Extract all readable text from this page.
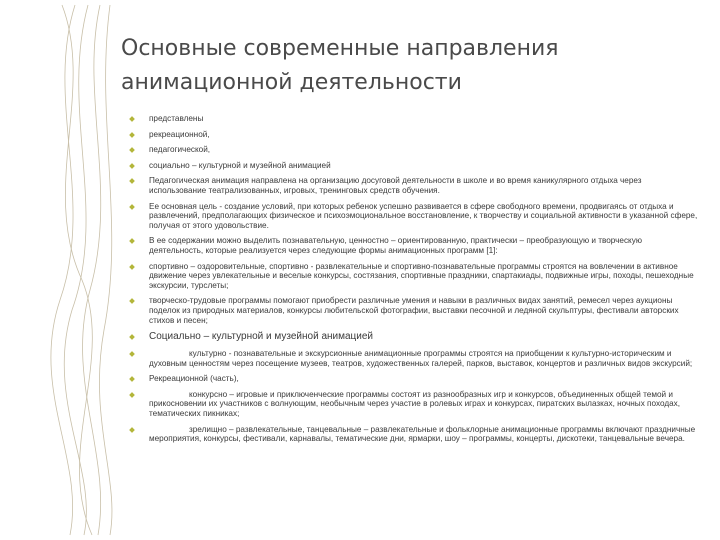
Основные современные направления
анимационной деятельности
представлены
рекреационной,
педагогической,
социально – культурной и музейной анимацией
Педагогическая анимация направлена на организацию досуговой деятельности в школе и во время каникулярного отдыха через использование театрализованных, игровых, тренинговых средств обучения.
Ее основная цель - создание условий, при которых ребенок успешно развивается в сфере свободного времени, продвигаясь от отдыха и развлечений, предполагающих физическое и психоэмоциональное восстановление, к творчеству и социальной активности в указанной сфере, получая от этого удовольствие.
В ее содержании можно выделить познавательную, ценностно – ориентированную, практически – преобразующую и творческую деятельность, которые реализуется через следующие формы анимационных программ [1]:
спортивно – оздоровительные, спортивно - развлекательные и спортивно-познавательные программы строятся на вовлечении в активное движение через увлекательные и веселые конкурсы, состязания, спортивные праздники, спартакиады, подвижные игры, походы, пешеходные экскурсии, турслеты;
творческо-трудовые программы помогают приобрести различные умения и навыки в различных видах занятий, ремесел через аукционы поделок из природных материалов, конкурсы любительской фотографии, выставки песочной и ледяной скульптуры, фестивали авторских стихов и песен;
Социально – культурной и музейной анимацией
культурно - познавательные и экскурсионные анимационные программы строятся на приобщении к культурно-историческим и духовным ценностям через посещение музеев, театров, художественных галерей, парков, выставок, концертов и различных видов экскурсий;
Рекреационной (часть),
конкурсно – игровые и приключенческие программы состоят из разнообразных игр и конкурсов, объединенных общей темой и прикосновении их участников с волнующим, необычным через участие в ролевых играх и конкурсах, пиратских вылазках, ночных походах, тематических пикниках;
зрелищно – развлекательные, танцевальные – развлекательные и фольклорные анимационные программы включают праздничные мероприятия, конкурсы, фестивали, карнавалы, тематические дни, ярмарки, шоу – программы, концерты, дискотеки, танцевальные вечера.
